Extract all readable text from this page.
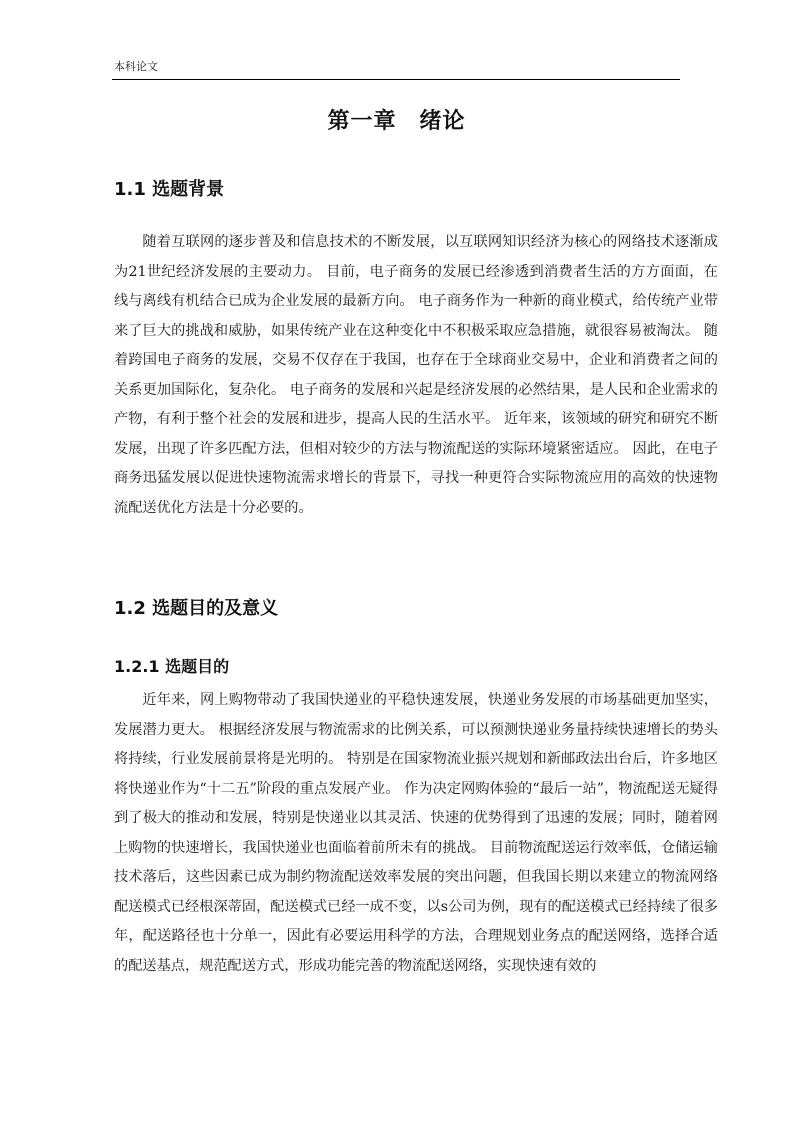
本科论文

第一章　绪论
1.1 选题背景

随着互联网的逐步普及和信息技术的不断发展，以互联网知识经济为核心的网络技术逐渐成为21世纪经济发展的主要动力。 目前，电子商务的发展已经渗透到消费者生活的方方面面，在线与离线有机结合已成为企业发展的最新方向。 电子商务作为一种新的商业模式，给传统产业带来了巨大的挑战和威胁，如果传统产业在这种变化中不积极采取应急措施，就很容易被淘汰。 随着跨国电子商务的发展，交易不仅存在于我国，也存在于全球商业交易中，企业和消费者之间的关系更加国际化，复杂化。 电子商务的发展和兴起是经济发展的必然结果，是人民和企业需求的产物，有利于整个社会的发展和进步，提高人民的生活水平。 近年来，该领域的研究和研究不断发展，出现了许多匹配方法，但相对较少的方法与物流配送的实际环境紧密适应。 因此，在电子商务迅猛发展以促进快速物流需求增长的背景下，寻找一种更符合实际物流应用的高效的快速物流配送优化方法是十分必要的。

1.2 选题目的及意义
1.2.1 选题目的

近年来，网上购物带动了我国快递业的平稳快速发展，快递业务发展的市场基础更加坚实，发展潜力更大。 根据经济发展与物流需求的比例关系，可以预测快递业务量持续快速增长的势头将持续，行业发展前景将是光明的。 特别是在国家物流业振兴规划和新邮政法出台后，许多地区将快递业作为“十二五”阶段的重点发展产业。 作为决定网购体验的“最后一站”，物流配送无疑得到了极大的推动和发展，特别是快递业以其灵活、快速的优势得到了迅速的发展；同时，随着网上购物的快速增长，我国快递业也面临着前所未有的挑战。 目前物流配送运行效率低，仓储运输技术落后，这些因素已成为制约物流配送效率发展的突出问题，但我国长期以来建立的物流网络配送模式已经根深蒂固，配送模式已经一成不变，以s公司为例，现有的配送模式已经持续了很多年，配送路径也十分单一，因此有必要运用科学的方法，合理规划业务点的配送网络，选择合适的配送基点，规范配送方式，形成功能完善的物流配送网络，实现快速有效的
